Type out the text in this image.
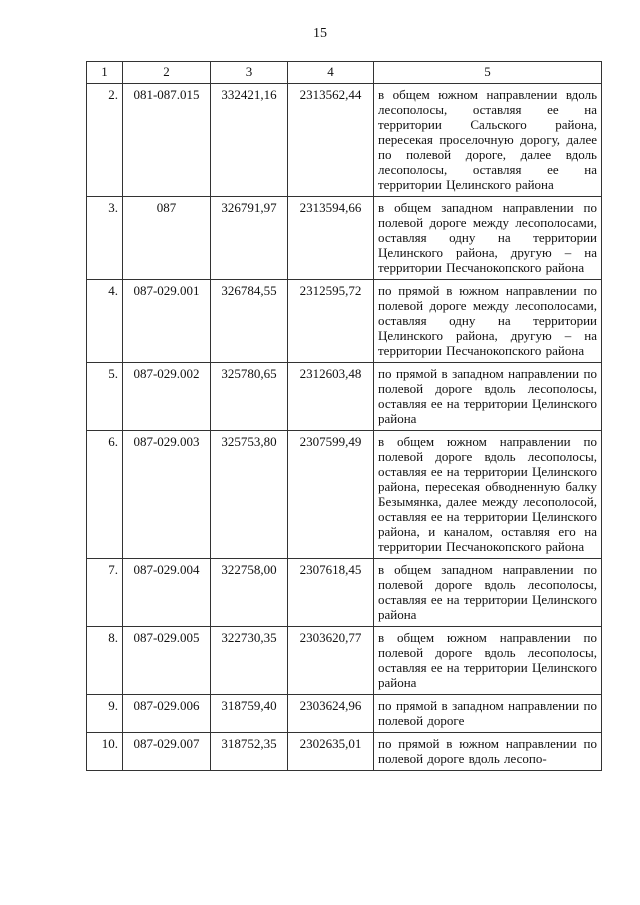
15
1	2	3	4	5
2.	081-087.015	332421,16	2313562,44	в общем южном направлении вдоль лесополосы, оставляя ее на территории Сальского района, пересекая проселочную дорогу, далее по полевой дороге, далее вдоль лесополосы, оставляя ее на территории Целинского района
3.	087	326791,97	2313594,66	в общем западном направлении по полевой дороге между лесополосами, оставляя одну на территории Целинского района, другую – на территории Песчанокопского района
4.	087-029.001	326784,55	2312595,72	по прямой в южном направлении по полевой дороге между лесополосами, оставляя одну на территории Целинского района, другую – на территории Песчанокопского района
5.	087-029.002	325780,65	2312603,48	по прямой в западном направлении по полевой дороге вдоль лесополосы, оставляя ее на территории Целинского района
6.	087-029.003	325753,80	2307599,49	в общем южном направлении по полевой дороге вдоль лесополосы, оставляя ее на территории Целинского района, пересекая обводненную балку Безымянка, далее между лесополосой, оставляя ее на территории Целинского района, и каналом, оставляя его на территории Песчанокопского района
7.	087-029.004	322758,00	2307618,45	в общем западном направлении по полевой дороге вдоль лесополосы, оставляя ее на территории Целинского района
8.	087-029.005	322730,35	2303620,77	в общем южном направлении по полевой дороге вдоль лесополосы, оставляя ее на территории Целинского района
9.	087-029.006	318759,40	2303624,96	по прямой в западном направлении по полевой дороге
10.	087-029.007	318752,35	2302635,01	по прямой в южном направлении по полевой дороге вдоль лесопо-
